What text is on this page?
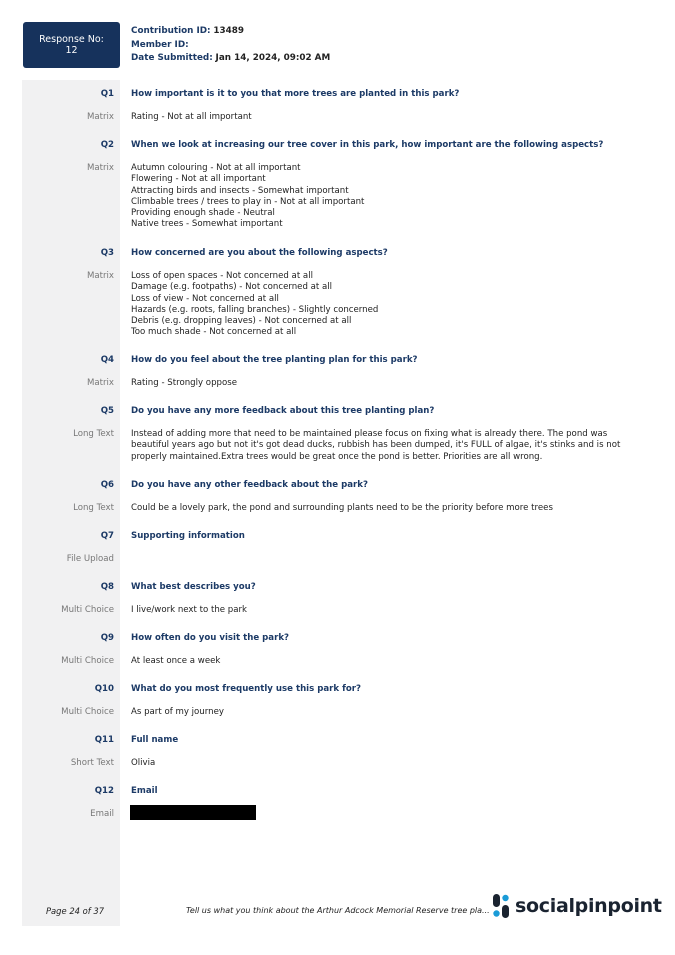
Response No:
12
Contribution ID: 13489
Member ID:
Date Submitted: Jan 14, 2024, 09:02 AM
Q1 How important is it to you that more trees are planted in this park?
Matrix Rating - Not at all important
Q2 When we look at increasing our tree cover in this park, how important are the following aspects?
Matrix Autumn colouring - Not at all important
Flowering - Not at all important
Attracting birds and insects - Somewhat important
Climbable trees / trees to play in - Not at all important
Providing enough shade - Neutral
Native trees - Somewhat important
Q3 How concerned are you about the following aspects?
Matrix Loss of open spaces - Not concerned at all
Damage (e.g. footpaths) - Not concerned at all
Loss of view - Not concerned at all
Hazards (e.g. roots, falling branches) - Slightly concerned
Debris (e.g. dropping leaves) - Not concerned at all
Too much shade - Not concerned at all
Q4 How do you feel about the tree planting plan for this park?
Matrix Rating - Strongly oppose
Q5 Do you have any more feedback about this tree planting plan?
Long Text Instead of adding more that need to be maintained please focus on fixing what is already there. The pond was beautiful years ago but not it's got dead ducks, rubbish has been dumped, it's FULL of algae, it's stinks and is not properly maintained.Extra trees would be great once the pond is better. Priorities are all wrong.
Q6 Do you have any other feedback about the park?
Long Text Could be a lovely park, the pond and surrounding plants need to be the priority before more trees
Q7 Supporting information
File Upload
Q8 What best describes you?
Multi Choice I live/work next to the park
Q9 How often do you visit the park?
Multi Choice At least once a week
Q10 What do you most frequently use this park for?
Multi Choice As part of my journey
Q11 Full name
Short Text Olivia
Q12 Email
Email
Page 24 of 37	Tell us what you think about the Arthur Adcock Memorial Reserve tree pla... socialpinpoint
